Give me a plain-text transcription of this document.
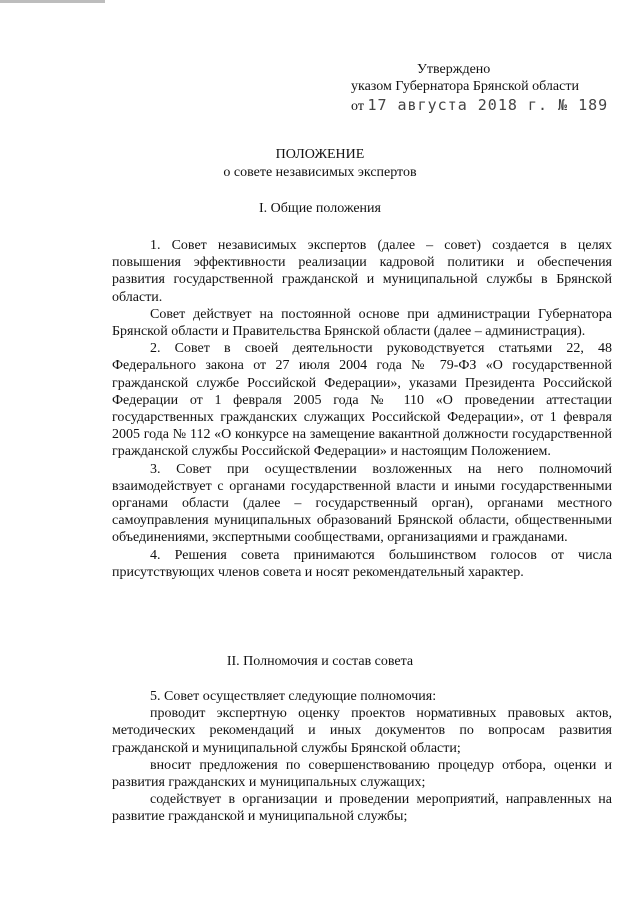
Утверждено
указом Губернатора Брянской области
от 17 августа 2018 г. № 189
ПОЛОЖЕНИЕ
о совете независимых экспертов
I. Общие положения

1. Совет независимых экспертов (далее – совет) создается в целях повышения эффективности реализации кадровой политики и обеспечения развития государственной гражданской и муниципальной службы в Брянской области.

Совет действует на постоянной основе при администрации Губернатора Брянской области и Правительства Брянской области (далее – администрация).

2. Совет в своей деятельности руководствуется статьями 22, 48 Федерального закона от 27 июля 2004 года № 79-ФЗ «О государственной гражданской службе Российской Федерации», указами Президента Российской Федерации от 1 февраля 2005 года № 110 «О проведении аттестации государственных гражданских служащих Российской Федерации», от 1 февраля 2005 года № 112 «О конкурсе на замещение вакантной должности государственной гражданской службы Российской Федерации» и настоящим Положением.

3. Совет при осуществлении возложенных на него полномочий взаимодействует с органами государственной власти и иными государственными органами области (далее – государственный орган), органами местного самоуправления муниципальных образований Брянской области, общественными объединениями, экспертными сообществами, организациями и гражданами.

4. Решения совета принимаются большинством голосов от числа присутствующих членов совета и носят рекомендательный характер.

II. Полномочия и состав совета

5. Совет осуществляет следующие полномочия:

проводит экспертную оценку проектов нормативных правовых актов, методических рекомендаций и иных документов по вопросам развития гражданской и муниципальной службы Брянской области;

вносит предложения по совершенствованию процедур отбора, оценки и развития гражданских и муниципальных служащих;

содействует в организации и проведении мероприятий, направленных на развитие гражданской и муниципальной службы;
